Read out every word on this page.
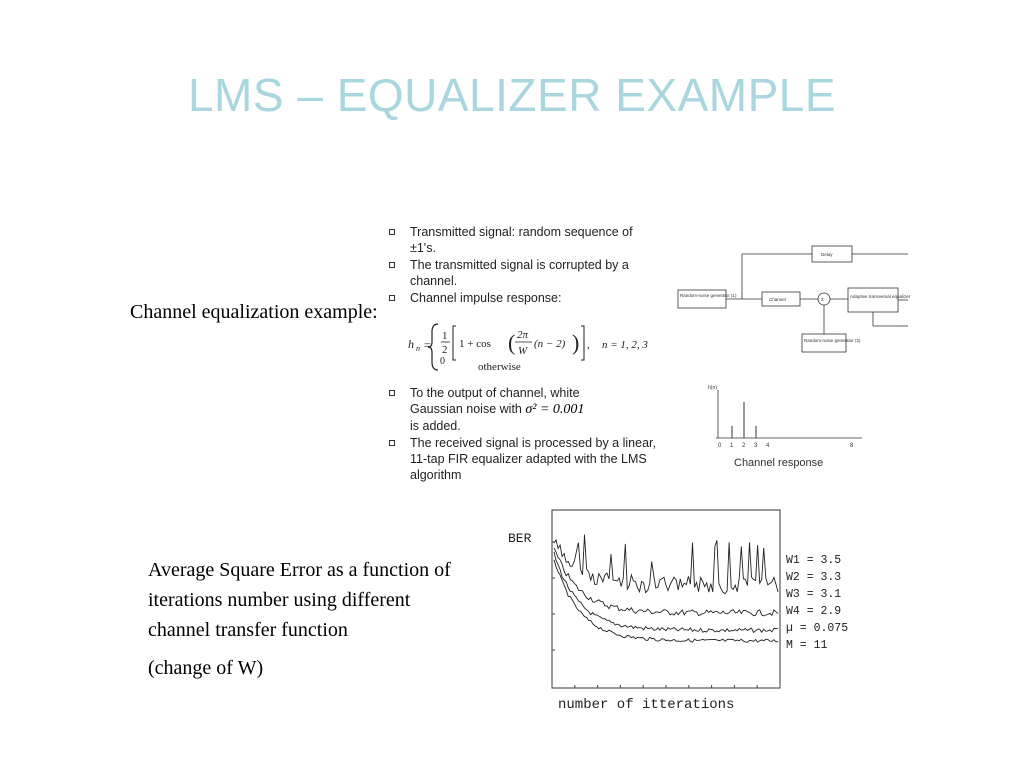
LMS – EQUALIZER EXAMPLE
Channel equalization example:
Average Square Error as a function of iterations number using different channel transfer function
(change of W)
Transmitted signal: random sequence of ±1's.
The transmitted signal is corrupted by a channel.
Channel impulse response:
h n =
1
2 1 + cos ( 2π
W
(n − 2) ) , n = 1, 2, 3
0	otherwise
To the output of channel, white
Gaussian noise with σ² = 0.001
is added.
The received signal is processed by a linear, 11-tap FIR equalizer adapted with the LMS algorithm
Delay
Random-noise generator (1)
Channel	Σ
Adaptive transversal equalizer
Random-noise generator (2)
0 1 2 3 4	8
h(n)
Channel response
BER
number of itterations
W1 = 3.5
W2 = 3.3
W3 = 3.1
W4 = 2.9
µ = 0.075
M = 11
